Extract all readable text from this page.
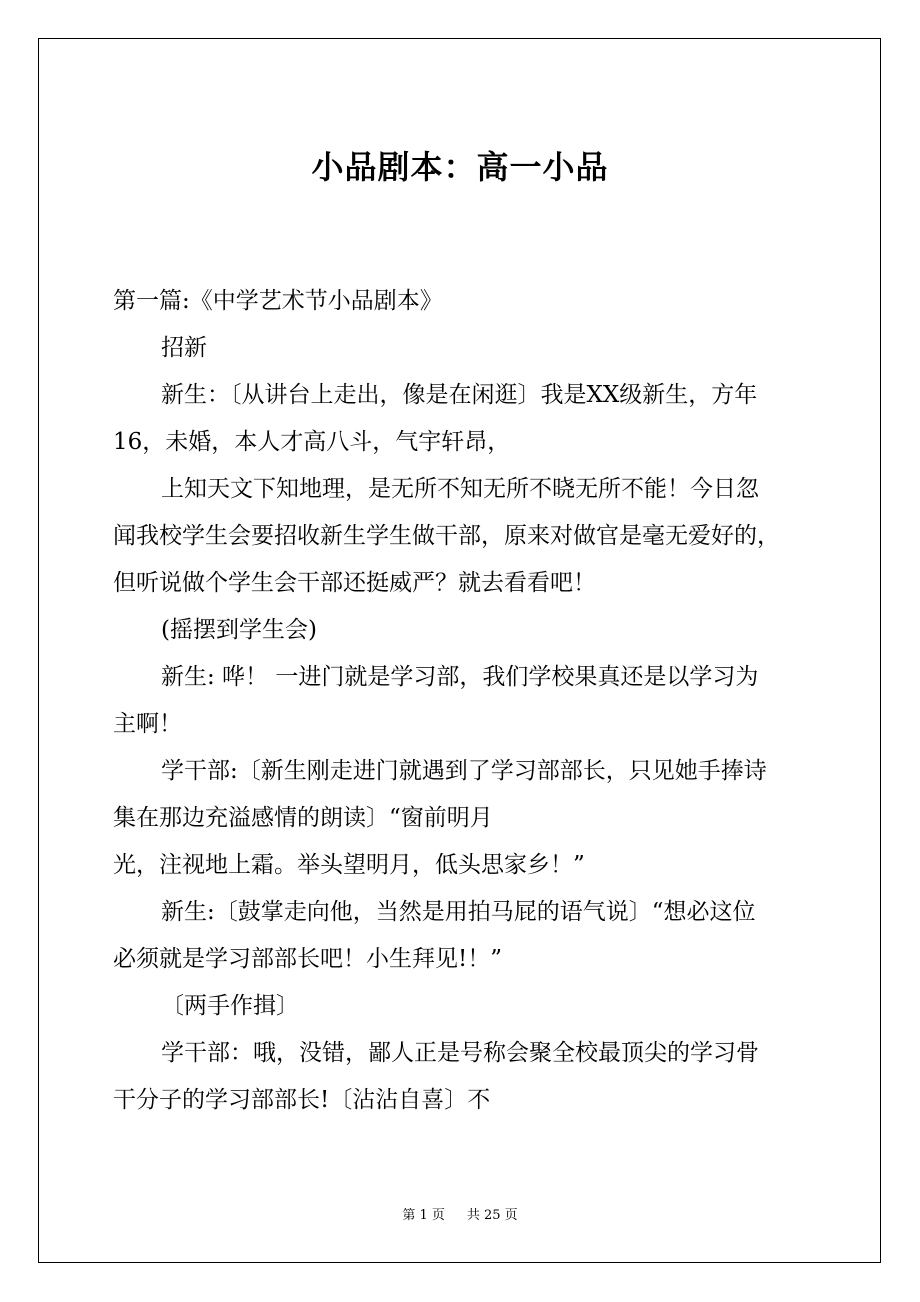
小品剧本：高一小品
第一篇:《中学艺术节小品剧本》
招新
新生：〔从讲台上走出，像是在闲逛〕我是XX级新生，方年
16，未婚，本人才高八斗，气宇轩昂，
上知天文下知地理，是无所不知无所不晓无所不能！今日忽
闻我校学生会要招收新生学生做干部，原来对做官是毫无爱好的，
但听说做个学生会干部还挺威严？就去看看吧！
(摇摆到学生会)
新生: 哗！ 一进门就是学习部，我们学校果真还是以学习为
主啊！
学干部:〔新生刚走进门就遇到了学习部部长，只见她手捧诗
集在那边充溢感情的朗读〕“窗前明月
光，注视地上霜。举头望明月，低头思家乡！”
新生:〔鼓掌走向他，当然是用拍马屁的语气说〕“想必这位
必须就是学习部部长吧！小生拜见!！”
〔两手作揖〕
学干部：哦，没错，鄙人正是号称会聚全校最顶尖的学习骨
干分子的学习部部长!〔沾沾自喜〕不
第 1 页 共 25 页
